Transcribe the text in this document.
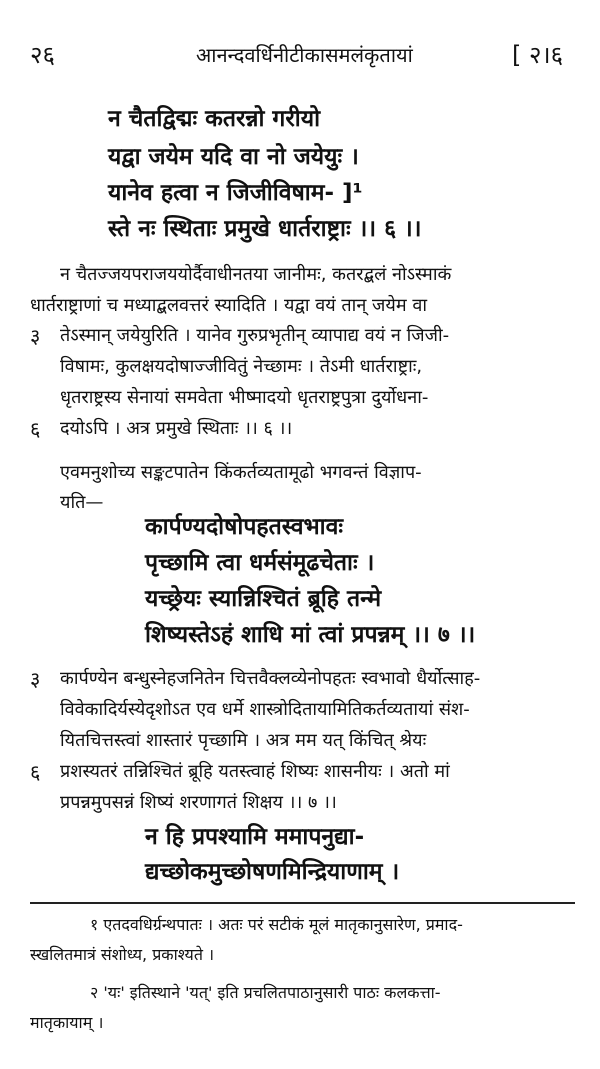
२६	आनन्दवर्धिनीटीकासमलंकृतायां	[ २।६
न चैतद्विद्मः कतरन्नो गरीयो
यद्वा जयेम यदि वा नो जयेयुः ।
यानेव हत्वा न जिजीविषाम- ]¹
स्ते नः स्थिताः प्रमुखे धार्तराष्ट्राः ।। ६ ।।
न चैतज्जयपराजययोर्दैवाधीनतया जानीमः, कतरद्बलं नोऽस्माकं
धार्तराष्ट्राणां च मध्याद्बलवत्तरं स्यादिति । यद्वा वयं तान् जयेम वा
३ तेऽस्मान् जयेयुरिति । यानेव गुरुप्रभृतीन् व्यापाद्य वयं न जिजी-
विषामः, कुलक्षयदोषाज्जीवितुं नेच्छामः । तेऽमी धार्तराष्ट्राः,
धृतराष्ट्रस्य सेनायां समवेता भीष्मादयो धृतराष्ट्रपुत्रा दुर्योधना-
६ दयोऽपि । अत्र प्रमुखे स्थिताः ।। ६ ।।
एवमनुशोच्य सङ्कटपातेन किंकर्तव्यतामूढो भगवन्तं विज्ञाप-
यति—
कार्पण्यदोषोपहतस्वभावः
पृच्छामि त्वा धर्मसंमूढचेताः ।
यच्छ्रेयः स्यान्निश्चितं ब्रूहि तन्मे
शिष्यस्तेऽहं शाधि मां त्वां प्रपन्नम् ।। ७ ।।
३ कार्पण्येन बन्धुस्नेहजनितेन चित्तवैक्लव्येनोपहतः स्वभावो धैर्योत्साह-
विवेकादिर्यस्येदृशोऽत एव धर्मे शास्त्रोदितायामितिकर्तव्यतायां संश-
यितचित्तस्त्वां शास्तारं पृच्छामि । अत्र मम यत् किंचित् श्रेयः
६ प्रशस्यतरं तन्निश्चितं ब्रूहि यतस्त्वाहं शिष्यः शासनीयः । अतो मां
प्रपन्नमुपसन्नं शिष्यं शरणागतं शिक्षय ।। ७ ।।
न हि प्रपश्यामि ममापनुद्या-
द्यच्छोकमुच्छोषणमिन्द्रियाणाम् ।
१ एतदवधिर्ग्रन्थपातः । अतः परं सटीकं मूलं मातृकानुसारेण, प्रमाद-
स्खलितमात्रं संशोध्य, प्रकाश्यते ।
२ 'यः' इतिस्थाने 'यत्' इति प्रचलितपाठानुसारी पाठः कलकत्ता-
मातृकायाम् ।
